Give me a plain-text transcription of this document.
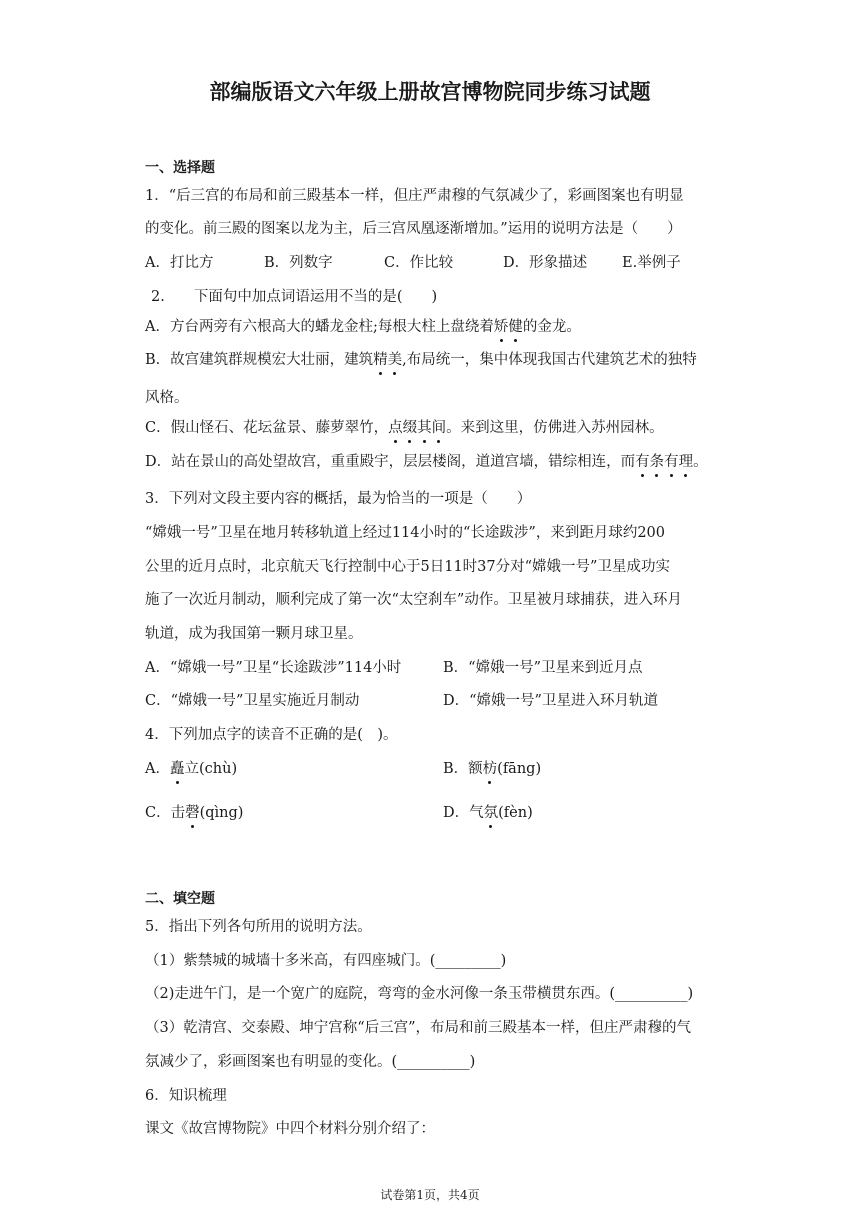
部编版语文六年级上册故宫博物院同步练习试题
一、选择题
1．“后三宫的布局和前三殿基本一样，但庄严肃穆的气氛减少了，彩画图案也有明显
的变化。前三殿的图案以龙为主，后三宫凤凰逐渐增加。”运用的说明方法是（　　）
A．打比方	B．列数字	C．作比较	D．形象描述 E.举例子
2.　　下面句中加点词语运用不当的是(　　)
A．方台两旁有六根高大的蟠龙金柱;每根大柱上盘绕着矫健的金龙。
B．故宫建筑群规模宏大壮丽，建筑精美,布局统一，集中体现我国古代建筑艺术的独特
风格。
C．假山怪石、花坛盆景、藤萝翠竹，点缀其间。来到这里，仿佛进入苏州园林。
D．站在景山的高处望故宫，重重殿宇，层层楼阁，道道宫墙，错综相连，而有条有理。
3．下列对文段主要内容的概括，最为恰当的一项是（　　）
“嫦娥一号”卫星在地月转移轨道上经过114小时的“长途跋涉”，来到距月球约200
公里的近月点时，北京航天飞行控制中心于5日11时37分对“嫦娥一号”卫星成功实
施了一次近月制动，顺利完成了第一次“太空刹车”动作。卫星被月球捕获，进入环月
轨道，成为我国第一颗月球卫星。
A．“嫦娥一号”卫星“长途跋涉”114小时	B．“嫦娥一号”卫星来到近月点
C．“嫦娥一号”卫星实施近月制动	D．“嫦娥一号”卫星进入环月轨道
4．下列加点字的读音不正确的是(　)。
A．矗立(chù)	B．额枋(fāng)
C．击磬(qìng)	D．气氛(fèn)
二、填空题
5．指出下列各句所用的说明方法。
（1）紫禁城的城墙十多米高，有四座城门。(_________)
（2)走进午门，是一个宽广的庭院，弯弯的金水河像一条玉带横贯东西。(__________)
（3）乾清宫、交泰殿、坤宁宫称“后三宫”，布局和前三殿基本一样，但庄严肃穆的气
氛减少了，彩画图案也有明显的变化。(__________)
6．知识梳理
课文《故宫博物院》中四个材料分别介绍了：
试卷第1页，共4页
